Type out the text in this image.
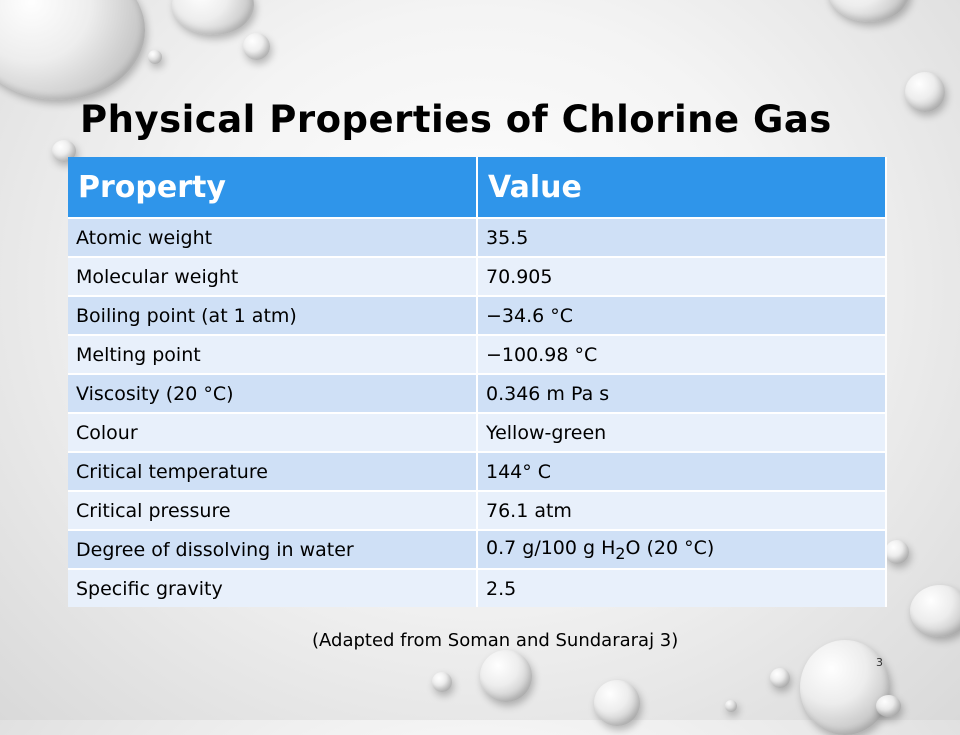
Physical Properties of Chlorine Gas
Property	Value
Atomic weight	35.5
Molecular weight	70.905
Boiling point (at 1 atm)	−34.6 °C
Melting point	−100.98 °C
Viscosity (20 °C)	0.346 m Pa s
Colour	Yellow-green
Critical temperature	144° C
Critical pressure	76.1 atm
Degree of dissolving in water	0.7 g/100 g $H_2O$ (20 °C)
Specific gravity	2.5

(Adapted from Soman and Sundararaj 3)

3
